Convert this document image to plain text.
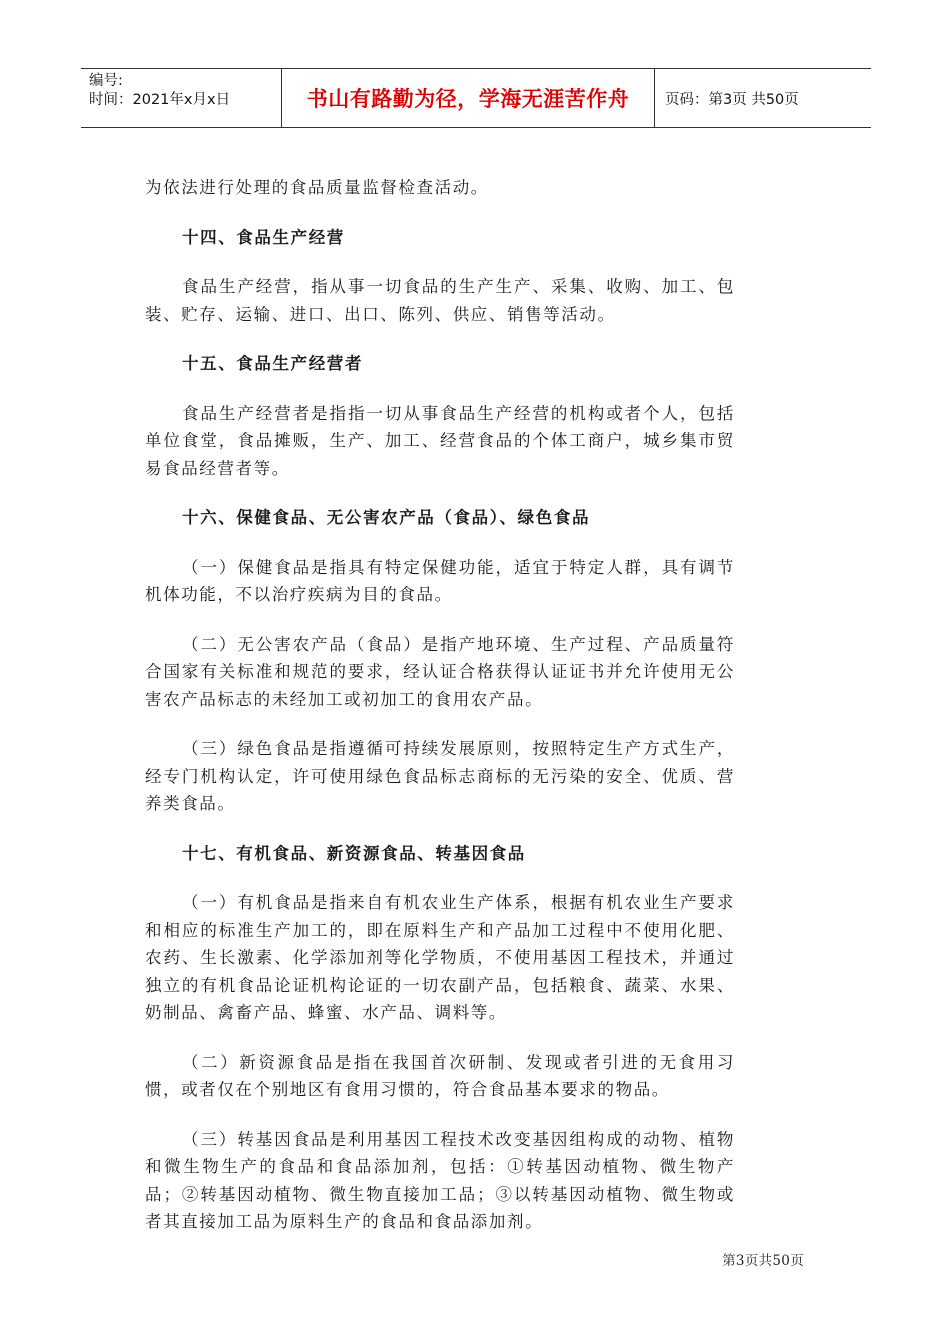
编号:
时间：2021年x月x日	书山有路勤为径，学海无涯苦作舟 页码：第3页 共50页

为依法进行处理的食品质量监督检查活动。

十四、食品生产经营

食品生产经营，指从事一切食品的生产生产、采集、收购、加工、包装、贮存、运输、进口、出口、陈列、供应、销售等活动。

十五、食品生产经营者

食品生产经营者是指指一切从事食品生产经营的机构或者个人，包括单位食堂，食品摊贩，生产、加工、经营食品的个体工商户，城乡集市贸易食品经营者等。

十六、保健食品、无公害农产品（食品）、绿色食品

（一）保健食品是指具有特定保健功能，适宜于特定人群，具有调节机体功能，不以治疗疾病为目的食品。

（二）无公害农产品（食品）是指产地环境、生产过程、产品质量符合国家有关标准和规范的要求，经认证合格获得认证证书并允许使用无公害农产品标志的未经加工或初加工的食用农产品。

（三）绿色食品是指遵循可持续发展原则，按照特定生产方式生产，经专门机构认定，许可使用绿色食品标志商标的无污染的安全、优质、营养类食品。

十七、有机食品、新资源食品、转基因食品

（一）有机食品是指来自有机农业生产体系，根据有机农业生产要求和相应的标准生产加工的，即在原料生产和产品加工过程中不使用化肥、农药、生长激素、化学添加剂等化学物质，不使用基因工程技术，并通过独立的有机食品论证机构论证的一切农副产品，包括粮食、蔬菜、水果、奶制品、禽畜产品、蜂蜜、水产品、调料等。

（二）新资源食品是指在我国首次研制、发现或者引进的无食用习惯，或者仅在个别地区有食用习惯的，符合食品基本要求的物品。

（三）转基因食品是利用基因工程技术改变基因组构成的动物、植物和微生物生产的食品和食品添加剂，包括：①转基因动植物、微生物产品；②转基因动植物、微生物直接加工品；③以转基因动植物、微生物或者其直接加工品为原料生产的食品和食品添加剂。

第3页共50页
